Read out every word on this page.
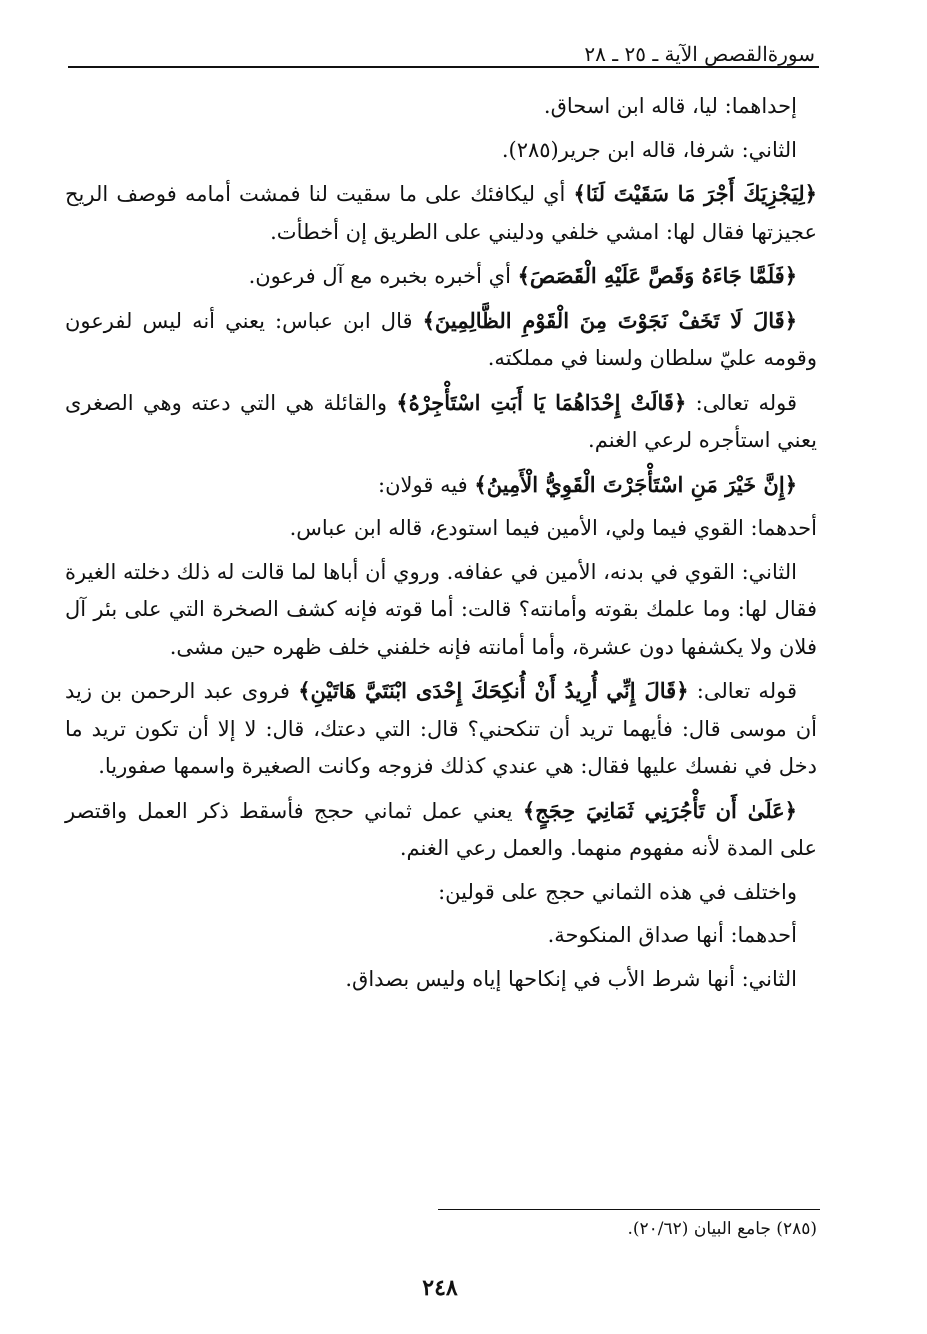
سورةالقصص الآية ـ ٢٥ ـ ٢٨

إحداهما: ليا، قاله ابن اسحاق.

الثاني: شرفا، قاله ابن جرير(٢٨٥).

﴿لِيَجْزِيَكَ أَجْرَ مَا سَقَيْتَ لَنَا﴾ أي ليكافئك على ما سقيت لنا فمشت أمامه فوصف الريح عجيزتها فقال لها: امشي خلفي ودليني على الطريق إن أخطأت.

﴿فَلَمَّا جَاءَهُ وَقَصَّ عَلَيْهِ الْقَصَصَ﴾ أي أخبره بخبره مع آل فرعون.

﴿قَالَ لَا تَخَفْ نَجَوْتَ مِنَ الْقَوْمِ الظَّالِمِينَ﴾ قال ابن عباس: يعني أنه ليس لفرعون وقومه عليّ سلطان ولسنا في مملكته.

قوله تعالى: ﴿قَالَتْ إِحْدَاهُمَا يَا أَبَتِ اسْتَأْجِرْهُ﴾ والقائلة هي التي دعته وهي الصغرى يعني استأجره لرعي الغنم.

﴿إِنَّ خَيْرَ مَنِ اسْتَأْجَرْتَ الْقَوِيُّ الْأَمِينُ﴾ فيه قولان:

أحدهما: القوي فيما ولي، الأمين فيما استودع، قاله ابن عباس.

الثاني: القوي في بدنه، الأمين في عفافه. وروي أن أباها لما قالت له ذلك دخلته الغيرة فقال لها: وما علمك بقوته وأمانته؟ قالت: أما قوته فإنه كشف الصخرة التي على بئر آل فلان ولا يكشفها دون عشرة، وأما أمانته فإنه خلفني خلف ظهره حين مشى.

قوله تعالى: ﴿قَالَ إِنِّي أُرِيدُ أَنْ أُنكِحَكَ إِحْدَى ابْنَتَيَّ هَاتَيْنِ﴾ فروى عبد الرحمن بن زيد أن موسى قال: فأيهما تريد أن تنكحني؟ قال: التي دعتك، قال: لا إلا أن تكون تريد ما دخل في نفسك عليها فقال: هي عندي كذلك فزوجه وكانت الصغيرة واسمها صفوريا.

﴿عَلَىٰ أَن تَأْجُرَنِي ثَمَانِيَ حِجَجٍ﴾ يعني عمل ثماني حجج فأسقط ذكر العمل واقتصر على المدة لأنه مفهوم منهما. والعمل رعي الغنم.

واختلف في هذه الثماني حجج على قولين:

أحدهما: أنها صداق المنكوحة.

الثاني: أنها شرط الأب في إنكاحها إياه وليس بصداق.

(٢٨٥) جامع البيان (٢٠/٦٢).
٢٤٨
